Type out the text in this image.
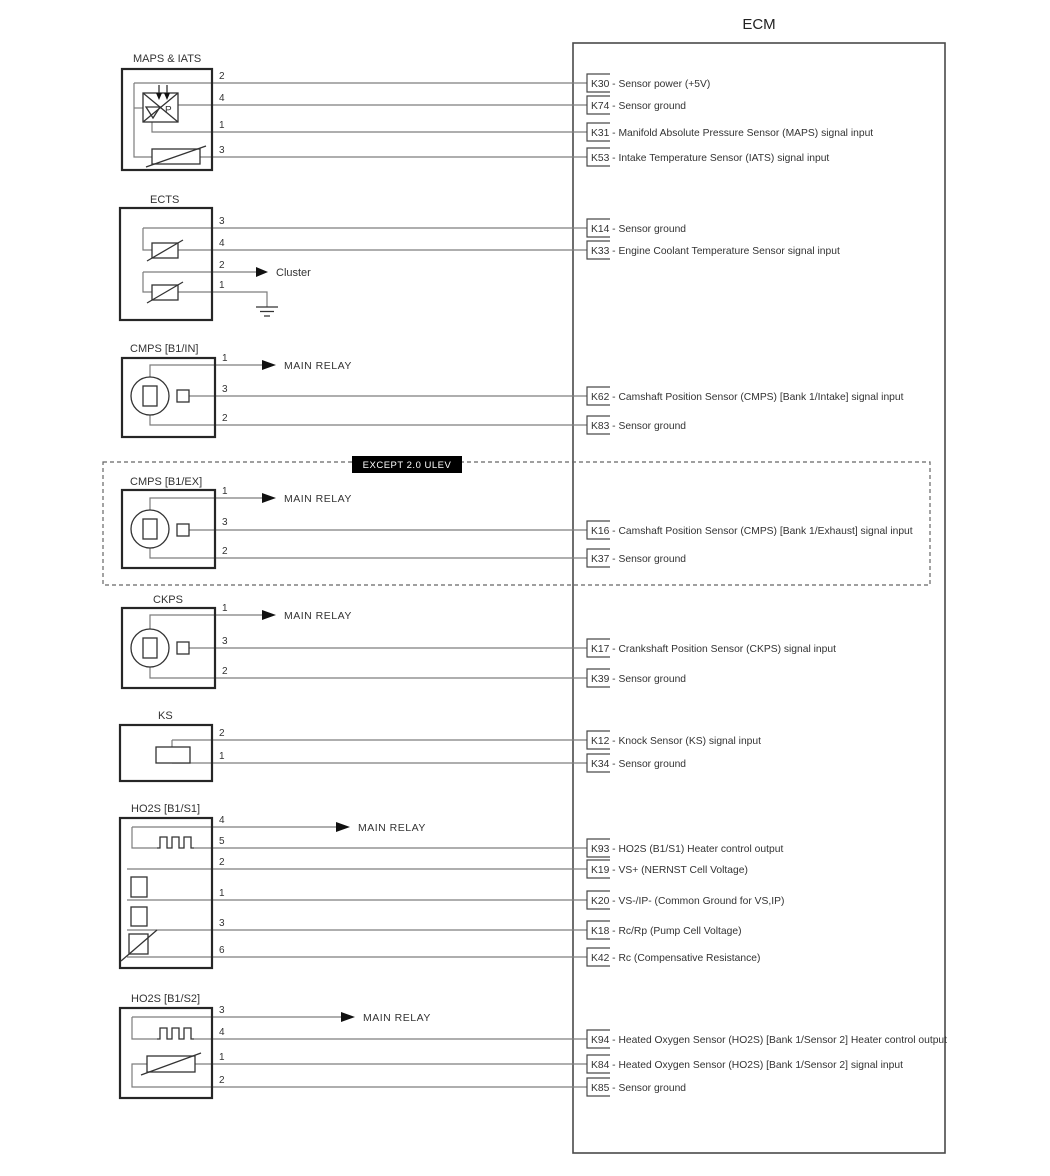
ECM
EXCEPT 2.0 ULEV
MAPS & IATS
P
2
4
1
3
ECTS
Cluster
3
4
2
1
CMPS [B1/IN]
MAIN RELAY
1
3
2
CMPS [B1/EX]
MAIN RELAY
1
3
2
CKPS
MAIN RELAY
1
3
2
KS
2
1
HO2S [B1/S1]
MAIN RELAY
4
5
2
1
3
6
HO2S [B1/S2]
MAIN RELAY
3
4
1
2
K30 - Sensor power (+5V)
K74 - Sensor ground
K31 - Manifold Absolute Pressure Sensor (MAPS) signal input
K53 - Intake Temperature Sensor (IATS) signal input
K14 - Sensor ground
K33 - Engine Coolant Temperature Sensor signal input
K62 - Camshaft Position Sensor (CMPS) [Bank 1/Intake] signal input
K83 - Sensor ground
K16 - Camshaft Position Sensor (CMPS) [Bank 1/Exhaust] signal input
K37 - Sensor ground
K17 - Crankshaft Position Sensor (CKPS) signal input
K39 - Sensor ground
K12 - Knock Sensor (KS) signal input
K34 - Sensor ground
K93 - HO2S (B1/S1) Heater control output
K19 - VS+ (NERNST Cell Voltage)
K20 - VS-/IP- (Common Ground for VS,IP)
K18 - Rc/Rp (Pump Cell Voltage)
K42 - Rc (Compensative Resistance)
K94 - Heated Oxygen Sensor (HO2S) [Bank 1/Sensor 2] Heater control output
K84 - Heated Oxygen Sensor (HO2S) [Bank 1/Sensor 2] signal input
K85 - Sensor ground
